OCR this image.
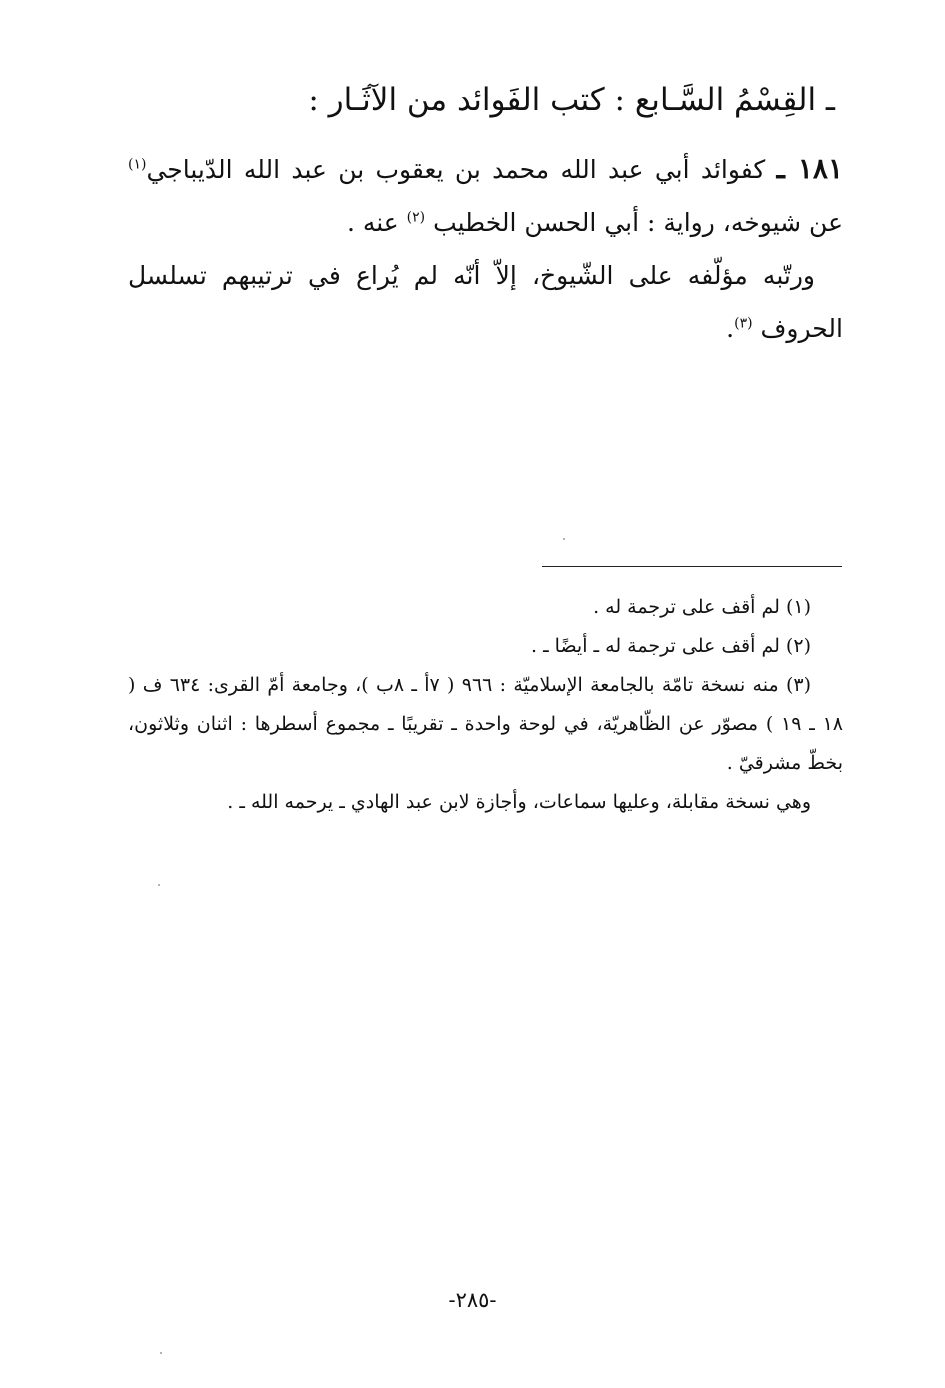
ـ القِسْمُ السَّـابع : كتب الفَوائد من الآثَـار :

١٨١ ـ كفوائد أبي عبد الله محمد بن يعقوب بن عبد الله الدّيباجي$^{(١)}$ عن شيوخه، رواية : أبي الحسن الخطيب $^{(٢)}$ عنه .

ورتّبه مؤلّفه على الشّيوخ، إلاّ أنّه لم يُراع في ترتيبهم تسلسل الحروف $^{(٣)}$.

(١) لم أقف على ترجمة له .

(٢) لم أقف على ترجمة له ـ أيضًا ـ .

(٣) منه نسخة تامّة بالجامعة الإسلاميّة : ٩٦٦ ( ٧أ ـ ٨ب )، وجامعة أمّ القرى: ٦٣٤ ف ( ١٨ ـ ١٩ ) مصوّر عن الظّاهريّة، في لوحة واحدة ـ تقريبًا ـ مجموع أسطرها : اثنان وثلاثون، بخطّ مشرقيّ .

وهي نسخة مقابلة، وعليها سماعات، وأجازة لابن عبد الهادي ـ يرحمه الله ـ .

-٢٨٥-
